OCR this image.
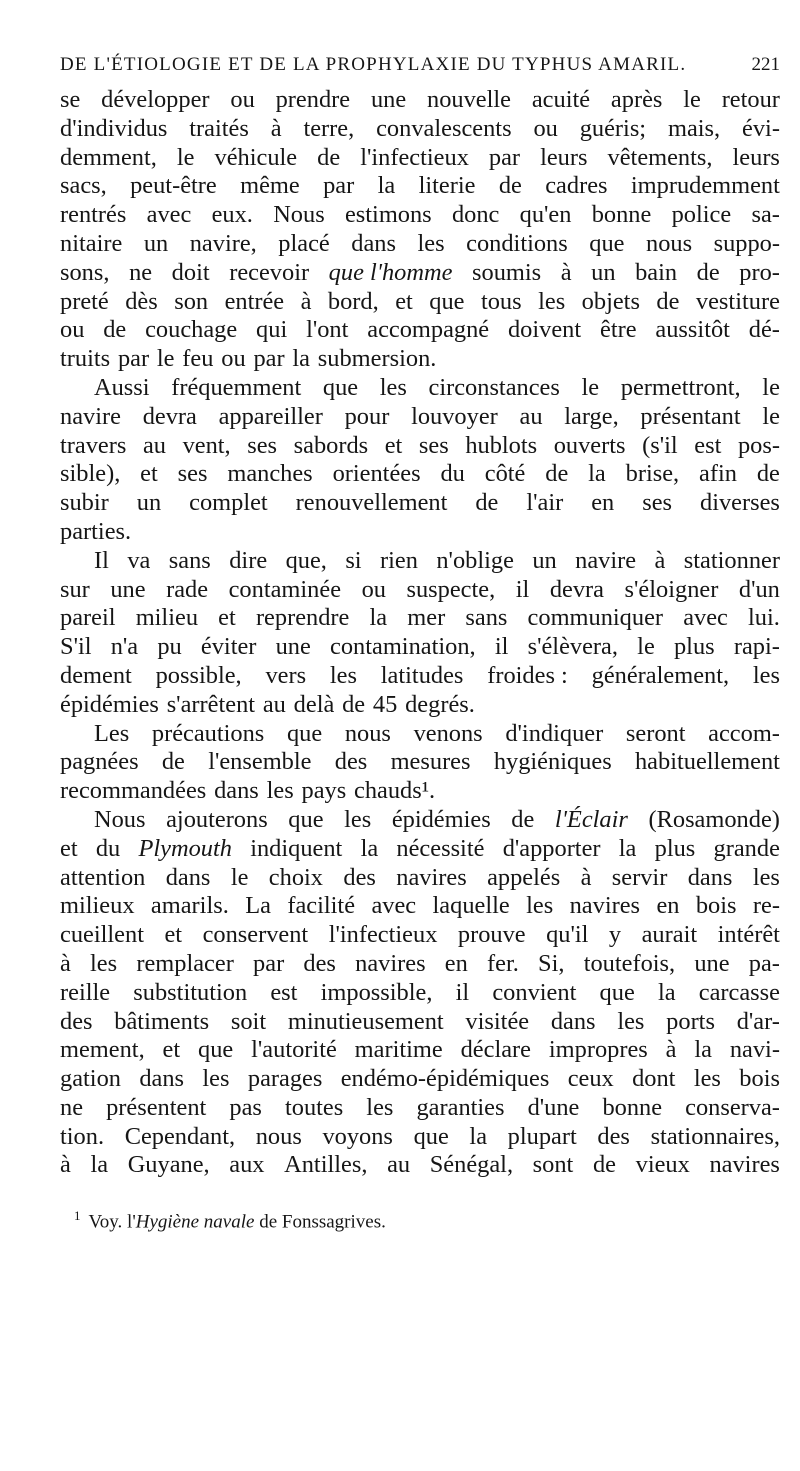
DE L'ÉTIOLOGIE ET DE LA PROPHYLAXIE DU TYPHUS AMARIL.	221
se développer ou prendre une nouvelle acuité après le retour
d'individus traités à terre, convalescents ou guéris; mais, évi-
demment, le véhicule de l'infectieux par leurs vêtements, leurs
sacs, peut-être même par la literie de cadres imprudemment
rentrés avec eux. Nous estimons donc qu'en bonne police sa-
nitaire un navire, placé dans les conditions que nous suppo-
sons, ne doit recevoir que l'homme soumis à un bain de pro-
preté dès son entrée à bord, et que tous les objets de vestiture
ou de couchage qui l'ont accompagné doivent être aussitôt dé-
truits par le feu ou par la submersion.
Aussi fréquemment que les circonstances le permettront, le
navire devra appareiller pour louvoyer au large, présentant le
travers au vent, ses sabords et ses hublots ouverts (s'il est pos-
sible), et ses manches orientées du côté de la brise, afin de
subir un complet renouvellement de l'air en ses diverses
parties.
Il va sans dire que, si rien n'oblige un navire à stationner
sur une rade contaminée ou suspecte, il devra s'éloigner d'un
pareil milieu et reprendre la mer sans communiquer avec lui.
S'il n'a pu éviter une contamination, il s'élèvera, le plus rapi-
dement possible, vers les latitudes froides : généralement, les
épidémies s'arrêtent au delà de 45 degrés.
Les précautions que nous venons d'indiquer seront accom-
pagnées de l'ensemble des mesures hygiéniques habituellement
recommandées dans les pays chauds¹.
Nous ajouterons que les épidémies de l'Éclair (Rosamonde)
et du Plymouth indiquent la nécessité d'apporter la plus grande
attention dans le choix des navires appelés à servir dans les
milieux amarils. La facilité avec laquelle les navires en bois re-
cueillent et conservent l'infectieux prouve qu'il y aurait intérêt
à les remplacer par des navires en fer. Si, toutefois, une pa-
reille substitution est impossible, il convient que la carcasse
des bâtiments soit minutieusement visitée dans les ports d'ar-
mement, et que l'autorité maritime déclare impropres à la navi-
gation dans les parages endémo-épidémiques ceux dont les bois
ne présentent pas toutes les garanties d'une bonne conserva-
tion. Cependant, nous voyons que la plupart des stationnaires,
à la Guyane, aux Antilles, au Sénégal, sont de vieux navires
$^1$ Voy. l'Hygiène navale de Fonssagrives.
